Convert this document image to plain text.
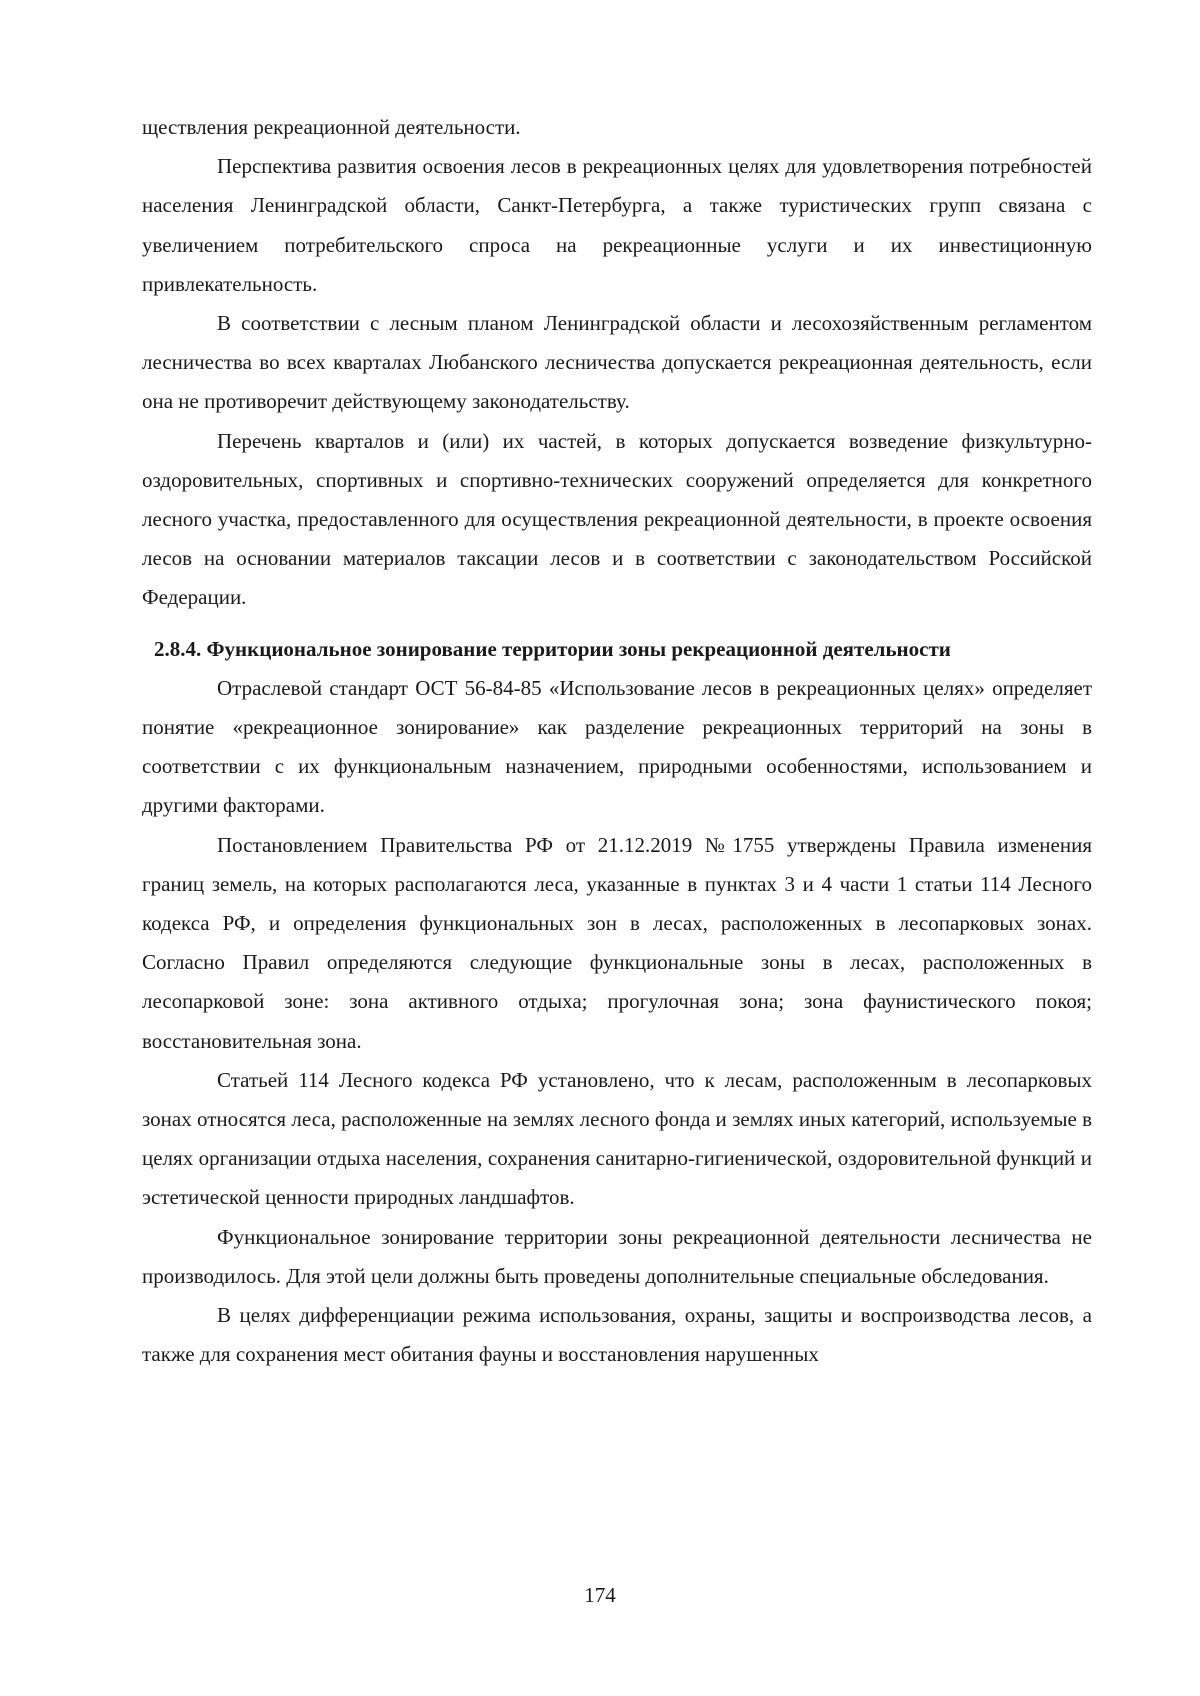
ществления рекреационной деятельности.

Перспектива развития освоения лесов в рекреационных целях для удовлетворения потребностей населения Ленинградской области, Санкт-Петербурга, а также туристических групп связана с увеличением потребительского спроса на рекреационные услуги и их инвестиционную привлекательность.

В соответствии с лесным планом Ленинградской области и лесохозяйственным регламентом лесничества во всех кварталах Любанского лесничества допускается рекреационная деятельность, если она не противоречит действующему законодательству.

Перечень кварталов и (или) их частей, в которых допускается возведение физкультурно-оздоровительных, спортивных и спортивно-технических сооружений определяется для конкретного лесного участка, предоставленного для осуществления рекреационной деятельности, в проекте освоения лесов на основании материалов таксации лесов и в соответствии с законодательством Российской Федерации.

2.8.4. Функциональное зонирование территории зоны рекреационной деятельности

Отраслевой стандарт ОСТ 56-84-85 «Использование лесов в рекреационных целях» определяет понятие «рекреационное зонирование» как разделение рекреационных территорий на зоны в соответствии с их функциональным назначением, природными особенностями, использованием и другими факторами.

Постановлением Правительства РФ от 21.12.2019 №1755 утверждены Правила изменения границ земель, на которых располагаются леса, указанные в пунктах 3 и 4 части 1 статьи 114 Лесного кодекса РФ, и определения функциональных зон в лесах, расположенных в лесопарковых зонах. Согласно Правил определяются следующие функциональные зоны в лесах, расположенных в лесопарковой зоне: зона активного отдыха; прогулочная зона; зона фаунистического покоя; восстановительная зона.

Статьей 114 Лесного кодекса РФ установлено, что к лесам, расположенным в лесопарковых зонах относятся леса, расположенные на землях лесного фонда и землях иных категорий, используемые в целях организации отдыха населения, сохранения санитарно-гигиенической, оздоровительной функций и эстетической ценности природных ландшафтов.

Функциональное зонирование территории зоны рекреационной деятельности лесничества не производилось. Для этой цели должны быть проведены дополнительные специальные обследования.

В целях дифференциации режима использования, охраны, защиты и воспроизводства лесов, а также для сохранения мест обитания фауны и восстановления нарушенных

174
